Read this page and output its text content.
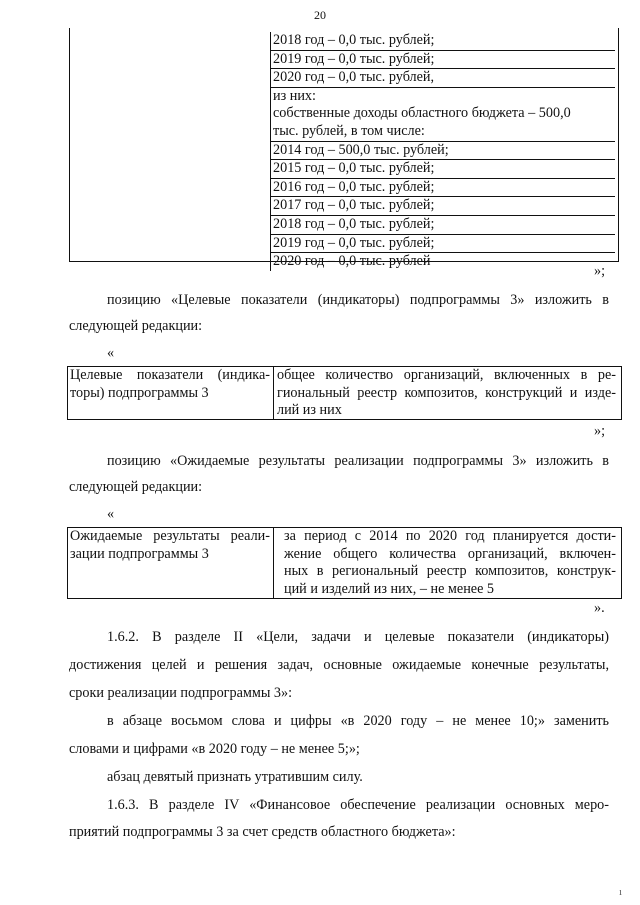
20
2018 год – 0,0 тыс. рублей;
2019 год – 0,0 тыс. рублей;
2020 год – 0,0 тыс. рублей,
из них:
собственные доходы областного бюджета – 500,0
тыс. рублей, в том числе:
2014 год – 500,0 тыс. рублей;
2015 год – 0,0 тыс. рублей;
2016 год – 0,0 тыс. рублей;
2017 год – 0,0 тыс. рублей;
2018 год – 0,0 тыс. рублей;
2019 год – 0,0 тыс. рублей;
2020 год – 0,0 тыс. рублей
»;
позицию «Целевые показатели (индикаторы) подпрограммы 3» изложить в
следующей редакции:
«
Целевые показатели (индика-
торы) подпрограммы 3
общее количество организаций, включенных в ре-
гиональный реестр композитов, конструкций и изде-
лий из них
»;
позицию «Ожидаемые результаты реализации подпрограммы 3» изложить в
следующей редакции:
«
Ожидаемые результаты реали-
зации подпрограммы 3
за период с 2014 по 2020 год планируется дости-
жение общего количества организаций, включен-
ных в региональный реестр композитов, конструк-
ций и изделий из них, – не менее 5
».
1.6.2. В разделе II «Цели, задачи и целевые показатели (индикаторы)
достижения целей и решения задач, основные ожидаемые конечные результаты,
сроки реализации подпрограммы 3»:
в абзаце восьмом слова и цифры «в 2020 году – не менее 10;» заменить
словами и цифрами «в 2020 году – не менее 5;»;
абзац девятый признать утратившим силу.
1.6.3. В разделе IV «Финансовое обеспечение реализации основных меро-
приятий подпрограммы 3 за счет средств областного бюджета»:
ı
